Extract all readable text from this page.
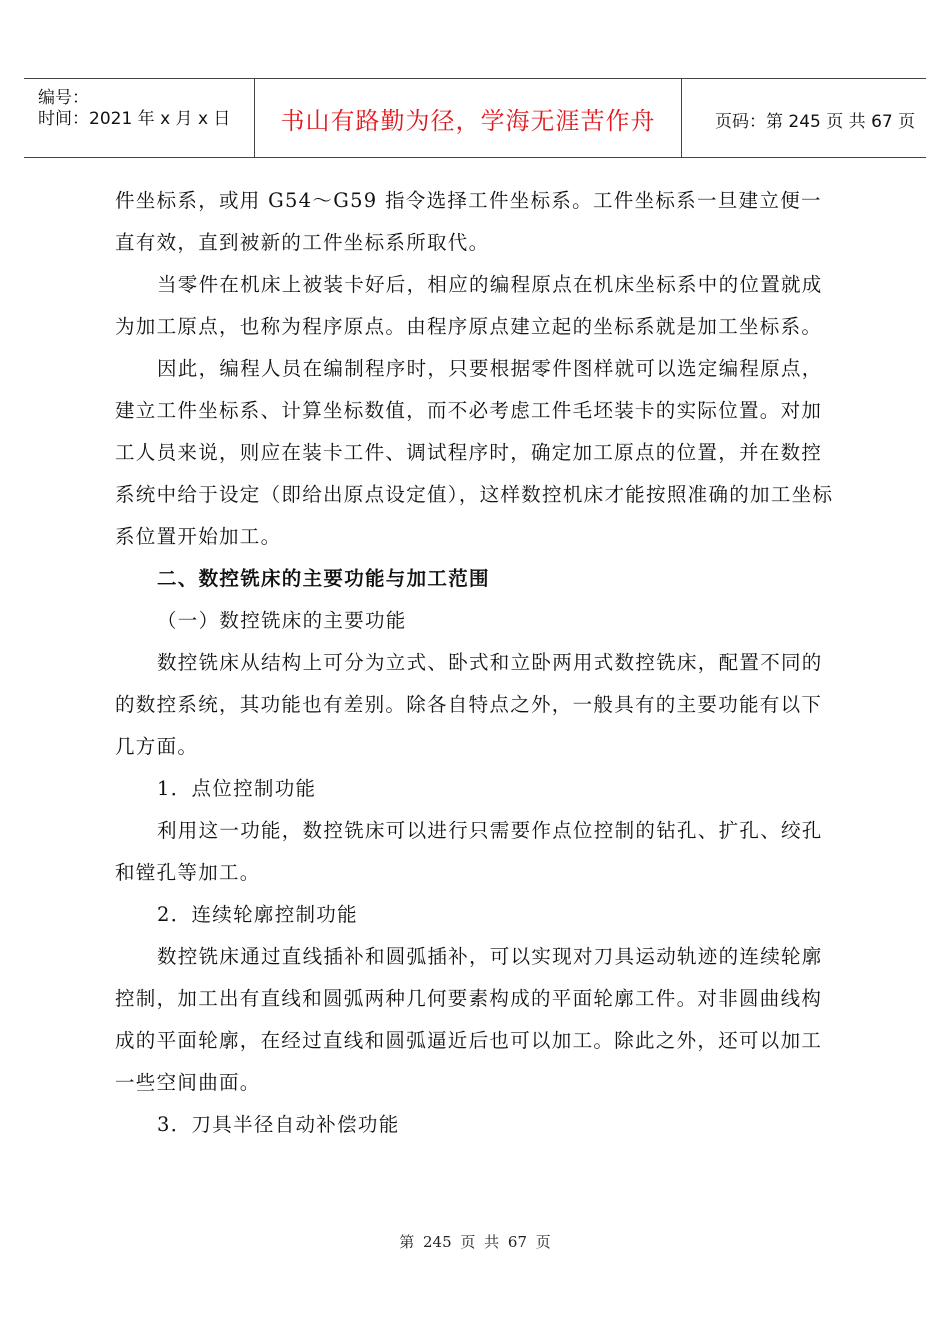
编号：
时间：2021 年 x 月 x 日	书山有路勤为径，学海无涯苦作舟	页码：第 245 页 共 67 页

件坐标系，或用 G54～G59 指令选择工件坐标系。工件坐标系一旦建立便一直有效，直到被新的工件坐标系所取代。

当零件在机床上被装卡好后，相应的编程原点在机床坐标系中的位置就成为加工原点，也称为程序原点。由程序原点建立起的坐标系就是加工坐标系。

因此，编程人员在编制程序时，只要根据零件图样就可以选定编程原点，建立工件坐标系、计算坐标数值，而不必考虑工件毛坯装卡的实际位置。对加工人员来说，则应在装卡工件、调试程序时，确定加工原点的位置，并在数控系统中给于设定（即给出原点设定值），这样数控机床才能按照准确的加工坐标系位置开始加工。

二、数控铣床的主要功能与加工范围

（一）数控铣床的主要功能

数控铣床从结构上可分为立式、卧式和立卧两用式数控铣床，配置不同的的数控系统，其功能也有差别。除各自特点之外，一般具有的主要功能有以下几方面。

1．点位控制功能

利用这一功能，数控铣床可以进行只需要作点位控制的钻孔、扩孔、绞孔和镗孔等加工。

2．连续轮廓控制功能

数控铣床通过直线插补和圆弧插补，可以实现对刀具运动轨迹的连续轮廓控制，加工出有直线和圆弧两种几何要素构成的平面轮廓工件。对非圆曲线构成的平面轮廓，在经过直线和圆弧逼近后也可以加工。除此之外，还可以加工一些空间曲面。

3．刀具半径自动补偿功能

第 245 页 共 67 页
